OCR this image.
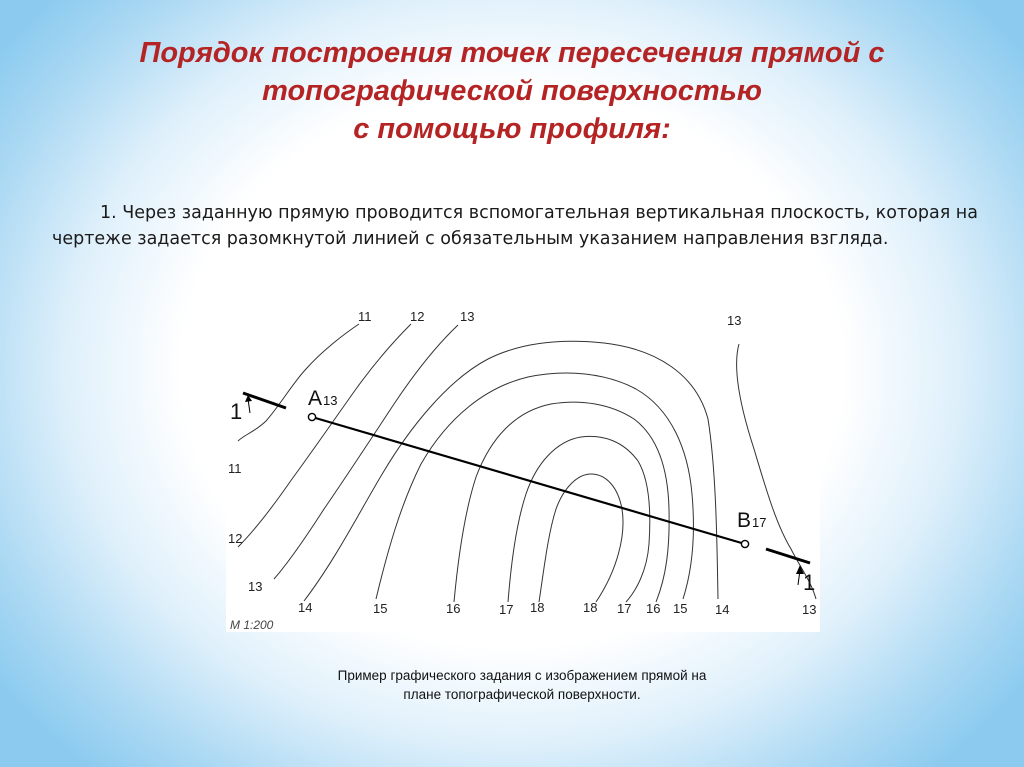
Порядок построения точек пересечения прямой с
топографической поверхностью
с помощью профиля:
1. Через заданную прямую проводится вспомогательная вертикальная плоскость, которая на чертеже задается разомкнутой линией с обязательным указанием направления взгляда.
11	12	13	13
11
12
13
14	15	16	17 18	18 17 16 15 14	13
A13
B17
1
1
М 1:200
Пример графического задания с изображением прямой на
плане топографической поверхности.
